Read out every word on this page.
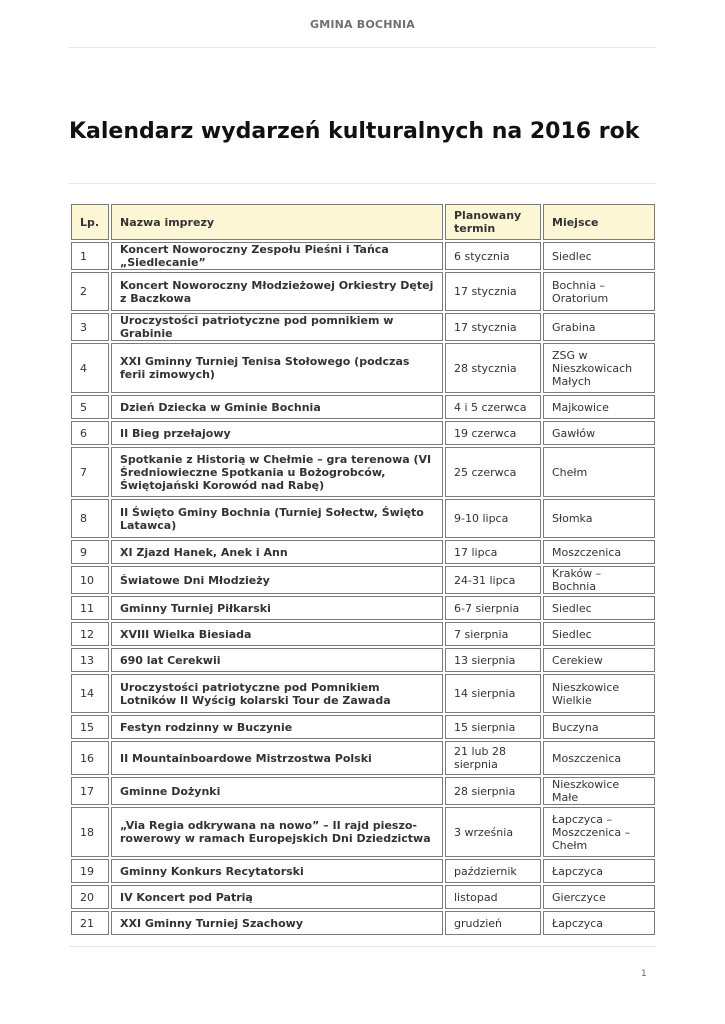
GMINA BOCHNIA
Kalendarz wydarzeń kulturalnych na 2016 rok
Lp.	Nazwa imprezy	Planowany termin	Miejsce
1	Koncert Noworoczny Zespołu Pieśni i Tańca „Siedlecanie”	6 stycznia	Siedlec
2	Koncert Noworoczny Młodzieżowej Orkiestry Dętej z Baczkowa	17 stycznia	Bochnia – Oratorium
3	Uroczystości patriotyczne pod pomnikiem w Grabinie	17 stycznia	Grabina
4	XXI Gminny Turniej Tenisa Stołowego (podczas ferii zimowych)	28 stycznia	ZSG w Nieszkowicach Małych
5	Dzień Dziecka w Gminie Bochnia	4 i 5 czerwca	Majkowice
6	II Bieg przełajowy	19 czerwca	Gawłów
7	Spotkanie z Historią w Chełmie – gra terenowa (VI Średniowieczne Spotkania u Bożogrobców, Świętojański Korowód nad Rabę)	25 czerwca	Chełm
8	II Święto Gminy Bochnia (Turniej Sołectw, Święto Latawca)	9-10 lipca	Słomka
9	XI Zjazd Hanek, Anek i Ann	17 lipca	Moszczenica
10	Światowe Dni Młodzieży	24-31 lipca	Kraków – Bochnia
11	Gminny Turniej Piłkarski	6-7 sierpnia	Siedlec
12	XVIII Wielka Biesiada	7 sierpnia	Siedlec
13	690 lat Cerekwii	13 sierpnia	Cerekiew
14	Uroczystości patriotyczne pod Pomnikiem Lotników II Wyścig kolarski Tour de Zawada	14 sierpnia	Nieszkowice Wielkie
15	Festyn rodzinny w Buczynie	15 sierpnia	Buczyna
16	II Mountainboardowe Mistrzostwa Polski	21 lub 28 sierpnia	Moszczenica
17	Gminne Dożynki	28 sierpnia	Nieszkowice Małe
18	„Via Regia odkrywana na nowo” – II rajd pieszo-rowerowy w ramach Europejskich Dni Dziedzictwa	3 września	Łapczyca – Moszczenica – Chełm
19	Gminny Konkurs Recytatorski	październik	Łapczyca
20	IV Koncert pod Patrią	listopad	Gierczyce
21	XXI Gminny Turniej Szachowy	grudzień	Łapczyca
1
